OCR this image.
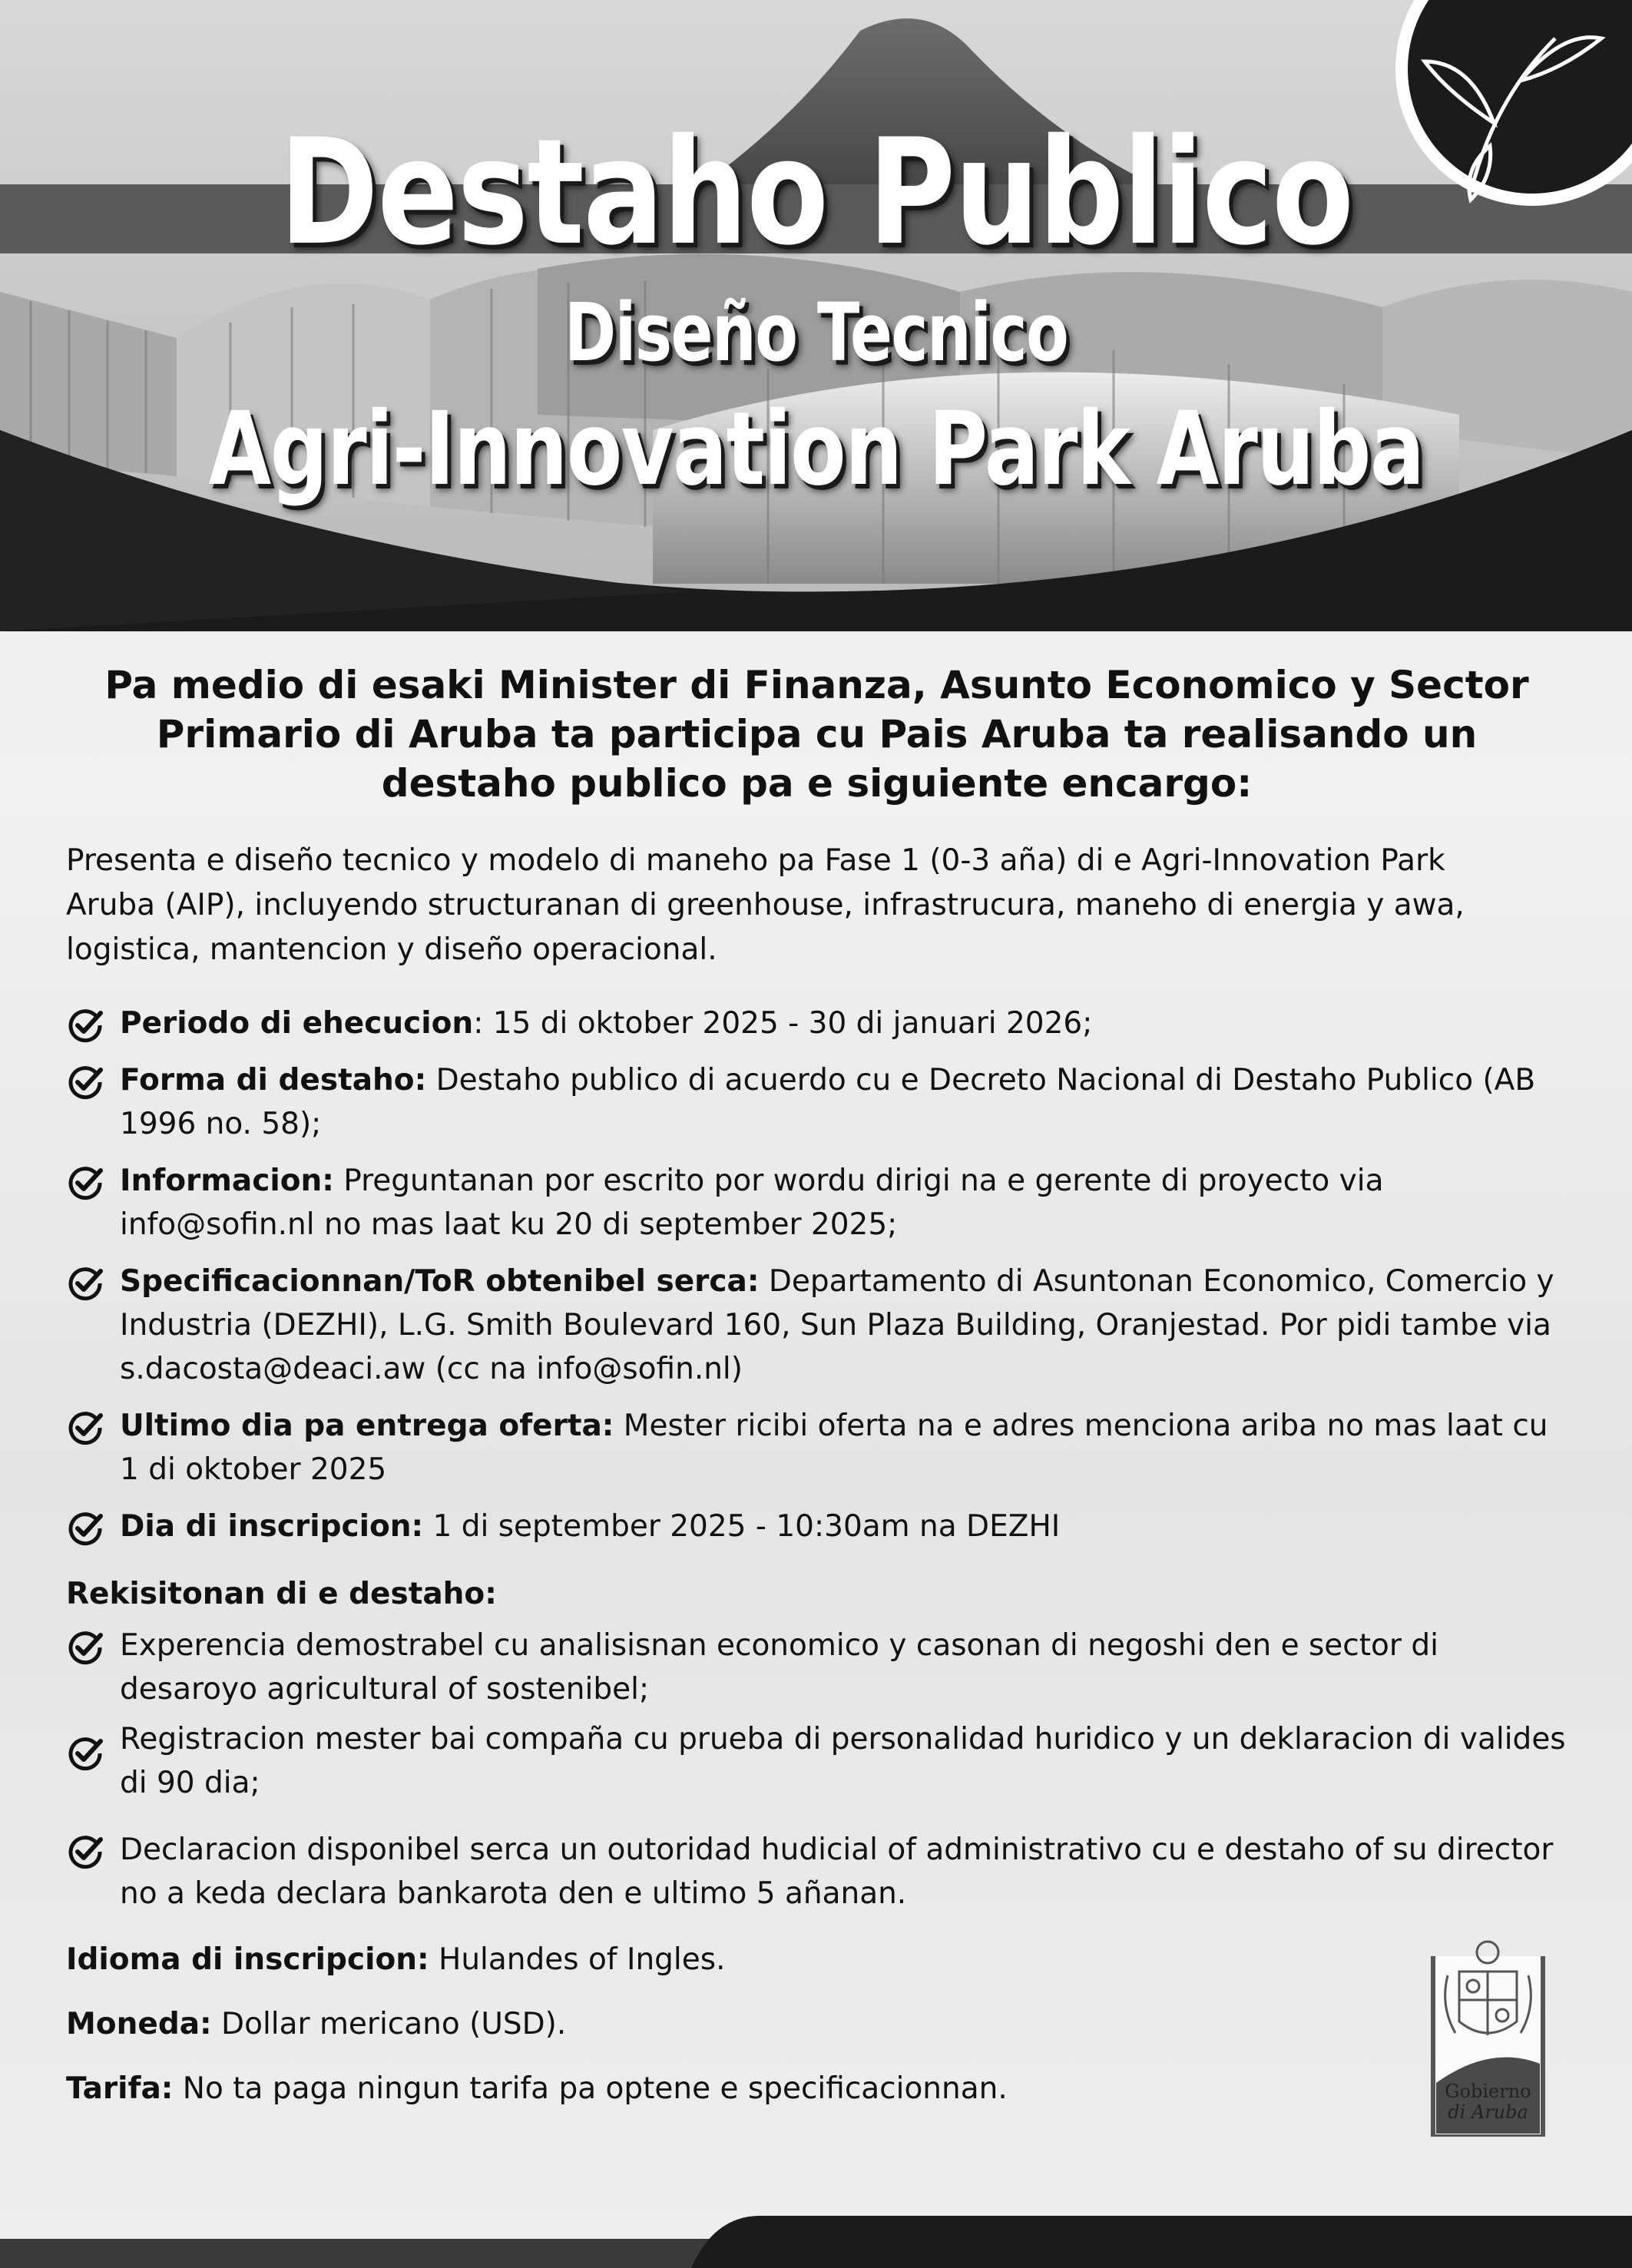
Destaho Publico
Diseño Tecnico
Agri-Innovation Park Aruba

Pa medio di esaki Minister di Finanza, Asunto Economico y Sector Primario di Aruba ta participa cu Pais Aruba ta realisando un destaho publico pa e siguiente encargo:

Presenta e diseño tecnico y modelo di maneho pa Fase 1 (0-3 aña) di e Agri-Innovation Park Aruba (AIP), incluyendo structuranan di greenhouse, infrastrucura, maneho di energia y awa, logistica, mantencion y diseño operacional.

Periodo di ehecucion: 15 di oktober 2025 - 30 di januari 2026;
Forma di destaho: Destaho publico di acuerdo cu e Decreto Nacional di Destaho Publico (AB 1996 no. 58);
Informacion: Preguntanan por escrito por wordu dirigi na e gerente di proyecto via info@sofin.nl no mas laat ku 20 di september 2025;
Specificacionnan/ToR obtenibel serca: Departamento di Asuntonan Economico, Comercio y Industria (DEZHI), L.G. Smith Boulevard 160, Sun Plaza Building, Oranjestad. Por pidi tambe via s.dacosta@deaci.aw (cc na info@sofin.nl)
Ultimo dia pa entrega oferta: Mester ricibi oferta na e adres menciona ariba no mas laat cu 1 di oktober 2025
Dia di inscripcion: 1 di september 2025 - 10:30am na DEZHI

Rekisitonan di e destaho:

Experencia demostrabel cu analisisnan economico y casonan di negoshi den e sector di desaroyo agricultural of sostenibel;
Registracion mester bai compaña cu prueba di personalidad huridico y un deklaracion di valides di 90 dia;
Declaracion disponibel serca un outoridad hudicial of administrativo cu e destaho of su director no a keda declara bankarota den e ultimo 5 añanan.

Idioma di inscripcion: Hulandes of Ingles.

Moneda: Dollar mericano (USD).

Tarifa: No ta paga ningun tarifa pa optene e specificacionnan.	Gobierno
di Aruba
